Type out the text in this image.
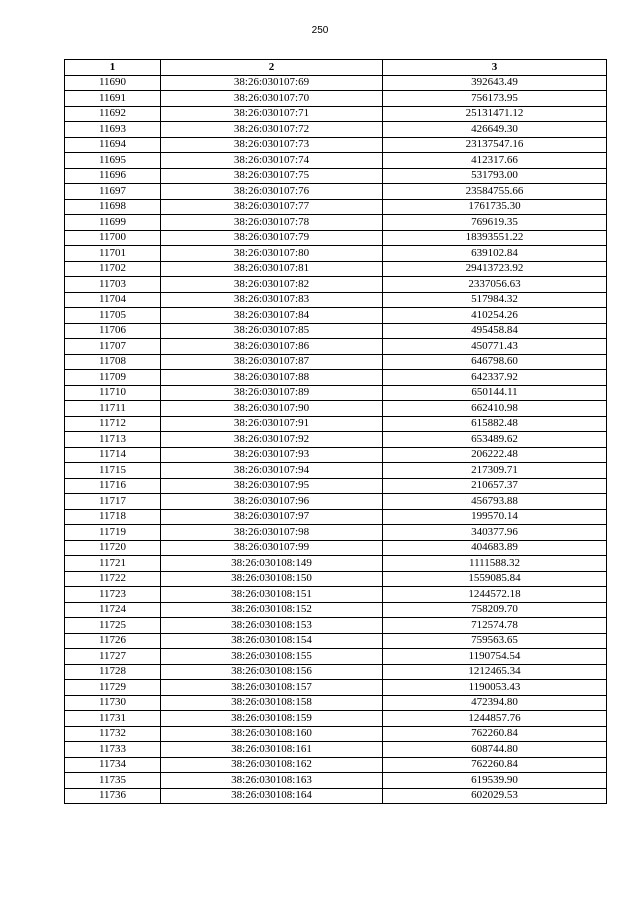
250
1	2	3
11690	38:26:030107:69	392643.49
11691	38:26:030107:70	756173.95
11692	38:26:030107:71	25131471.12
11693	38:26:030107:72	426649.30
11694	38:26:030107:73	23137547.16
11695	38:26:030107:74	412317.66
11696	38:26:030107:75	531793.00
11697	38:26:030107:76	23584755.66
11698	38:26:030107:77	1761735.30
11699	38:26:030107:78	769619.35
11700	38:26:030107:79	18393551.22
11701	38:26:030107:80	639102.84
11702	38:26:030107:81	29413723.92
11703	38:26:030107:82	2337056.63
11704	38:26:030107:83	517984.32
11705	38:26:030107:84	410254.26
11706	38:26:030107:85	495458.84
11707	38:26:030107:86	450771.43
11708	38:26:030107:87	646798.60
11709	38:26:030107:88	642337.92
11710	38:26:030107:89	650144.11
11711	38:26:030107:90	662410.98
11712	38:26:030107:91	615882.48
11713	38:26:030107:92	653489.62
11714	38:26:030107:93	206222.48
11715	38:26:030107:94	217309.71
11716	38:26:030107:95	210657.37
11717	38:26:030107:96	456793.88
11718	38:26:030107:97	199570.14
11719	38:26:030107:98	340377.96
11720	38:26:030107:99	404683.89
11721	38:26:030108:149	1111588.32
11722	38:26:030108:150	1559085.84
11723	38:26:030108:151	1244572.18
11724	38:26:030108:152	758209.70
11725	38:26:030108:153	712574.78
11726	38:26:030108:154	759563.65
11727	38:26:030108:155	1190754.54
11728	38:26:030108:156	1212465.34
11729	38:26:030108:157	1190053.43
11730	38:26:030108:158	472394.80
11731	38:26:030108:159	1244857.76
11732	38:26:030108:160	762260.84
11733	38:26:030108:161	608744.80
11734	38:26:030108:162	762260.84
11735	38:26:030108:163	619539.90
11736	38:26:030108:164	602029.53
